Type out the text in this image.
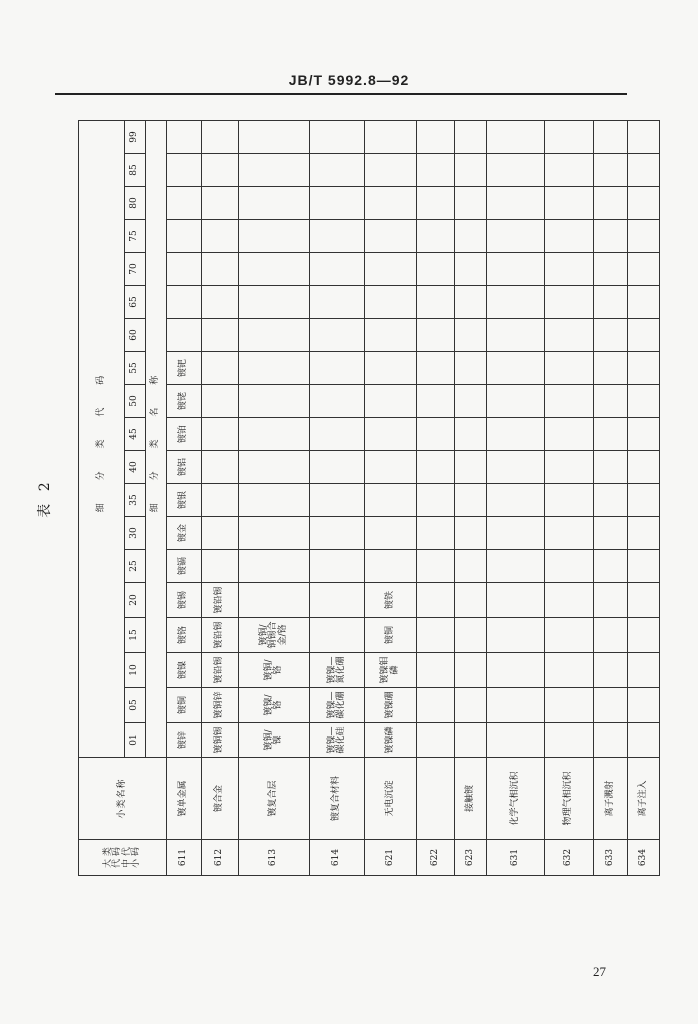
JB/T 5992.8—92
表 2
大 类 代 码 中 代 小 码	小类名称	细 分 类 代 码																		
		01	05	10	15	20	25	30	35	40	45	50	55	60	65	70	75	80	85	99
		细 分 类 名 称																		
611	镀单金属	镀锌	镀铜	镀镍	镀铬	镀锡	镀镉	镀金	镀银	镀铝	镀铂	镀铑	镀钯							
612	镀合金	镀铜锡	镀铜锌	镀铅锡	镀铅锡	镀铅锡														
613	镀复合层	镀铜/镍	镀镍/铬	镀铜/铬	镀铜/铜锡合金/铬															
614	镀复合材料	镀镍—碳化硅	镀镍—碳化硼	镀镍—氮化硼																
621	无电沉淀	镀镍磷	镀镍硼	镀镍钼磷	镀铜	镀铁														
622																				
623	接触镀																			
631	化学气相沉积																			
632	物理气相沉积																			
633	离子溅射																			
634	离子注入																			
27
